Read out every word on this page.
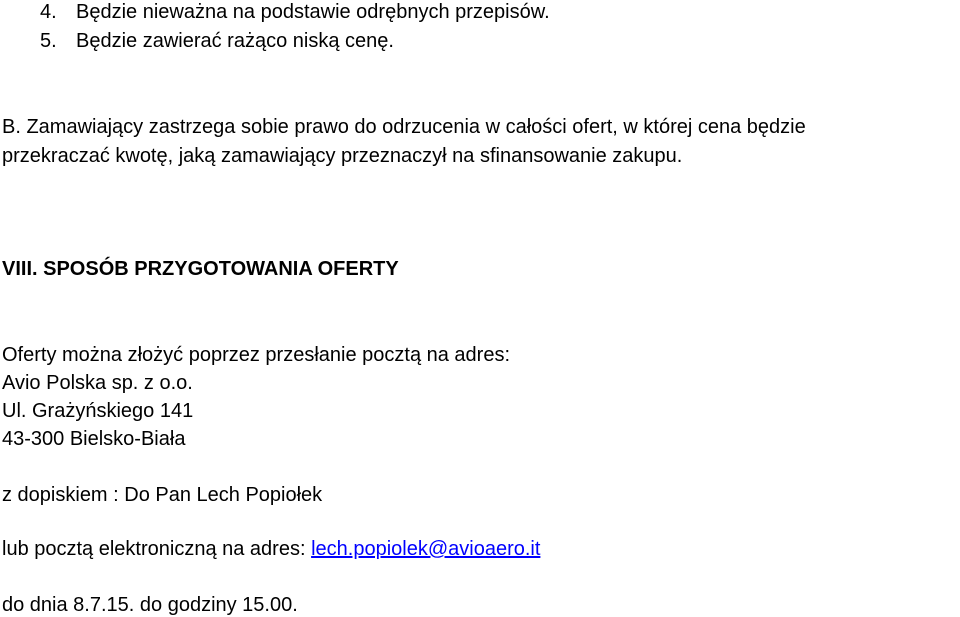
4. Będzie nieważna na podstawie odrębnych przepisów.
5. Będzie zawierać rażąco niską cenę.
B. Zamawiający zastrzega sobie prawo do odrzucenia w całości ofert, w której cena będzie
przekraczać kwotę, jaką zamawiający przeznaczył na sfinansowanie zakupu.
VIII. SPOSÓB PRZYGOTOWANIA OFERTY
Oferty można złożyć poprzez przesłanie pocztą na adres:
Avio Polska sp. z o.o.
Ul. Grażyńskiego 141
43-300 Bielsko-Biała
z dopiskiem : Do Pan Lech Popiołek
lub pocztą elektroniczną na adres: lech.popiolek@avioaero.it
do dnia 8.7.15. do godziny 15.00.
